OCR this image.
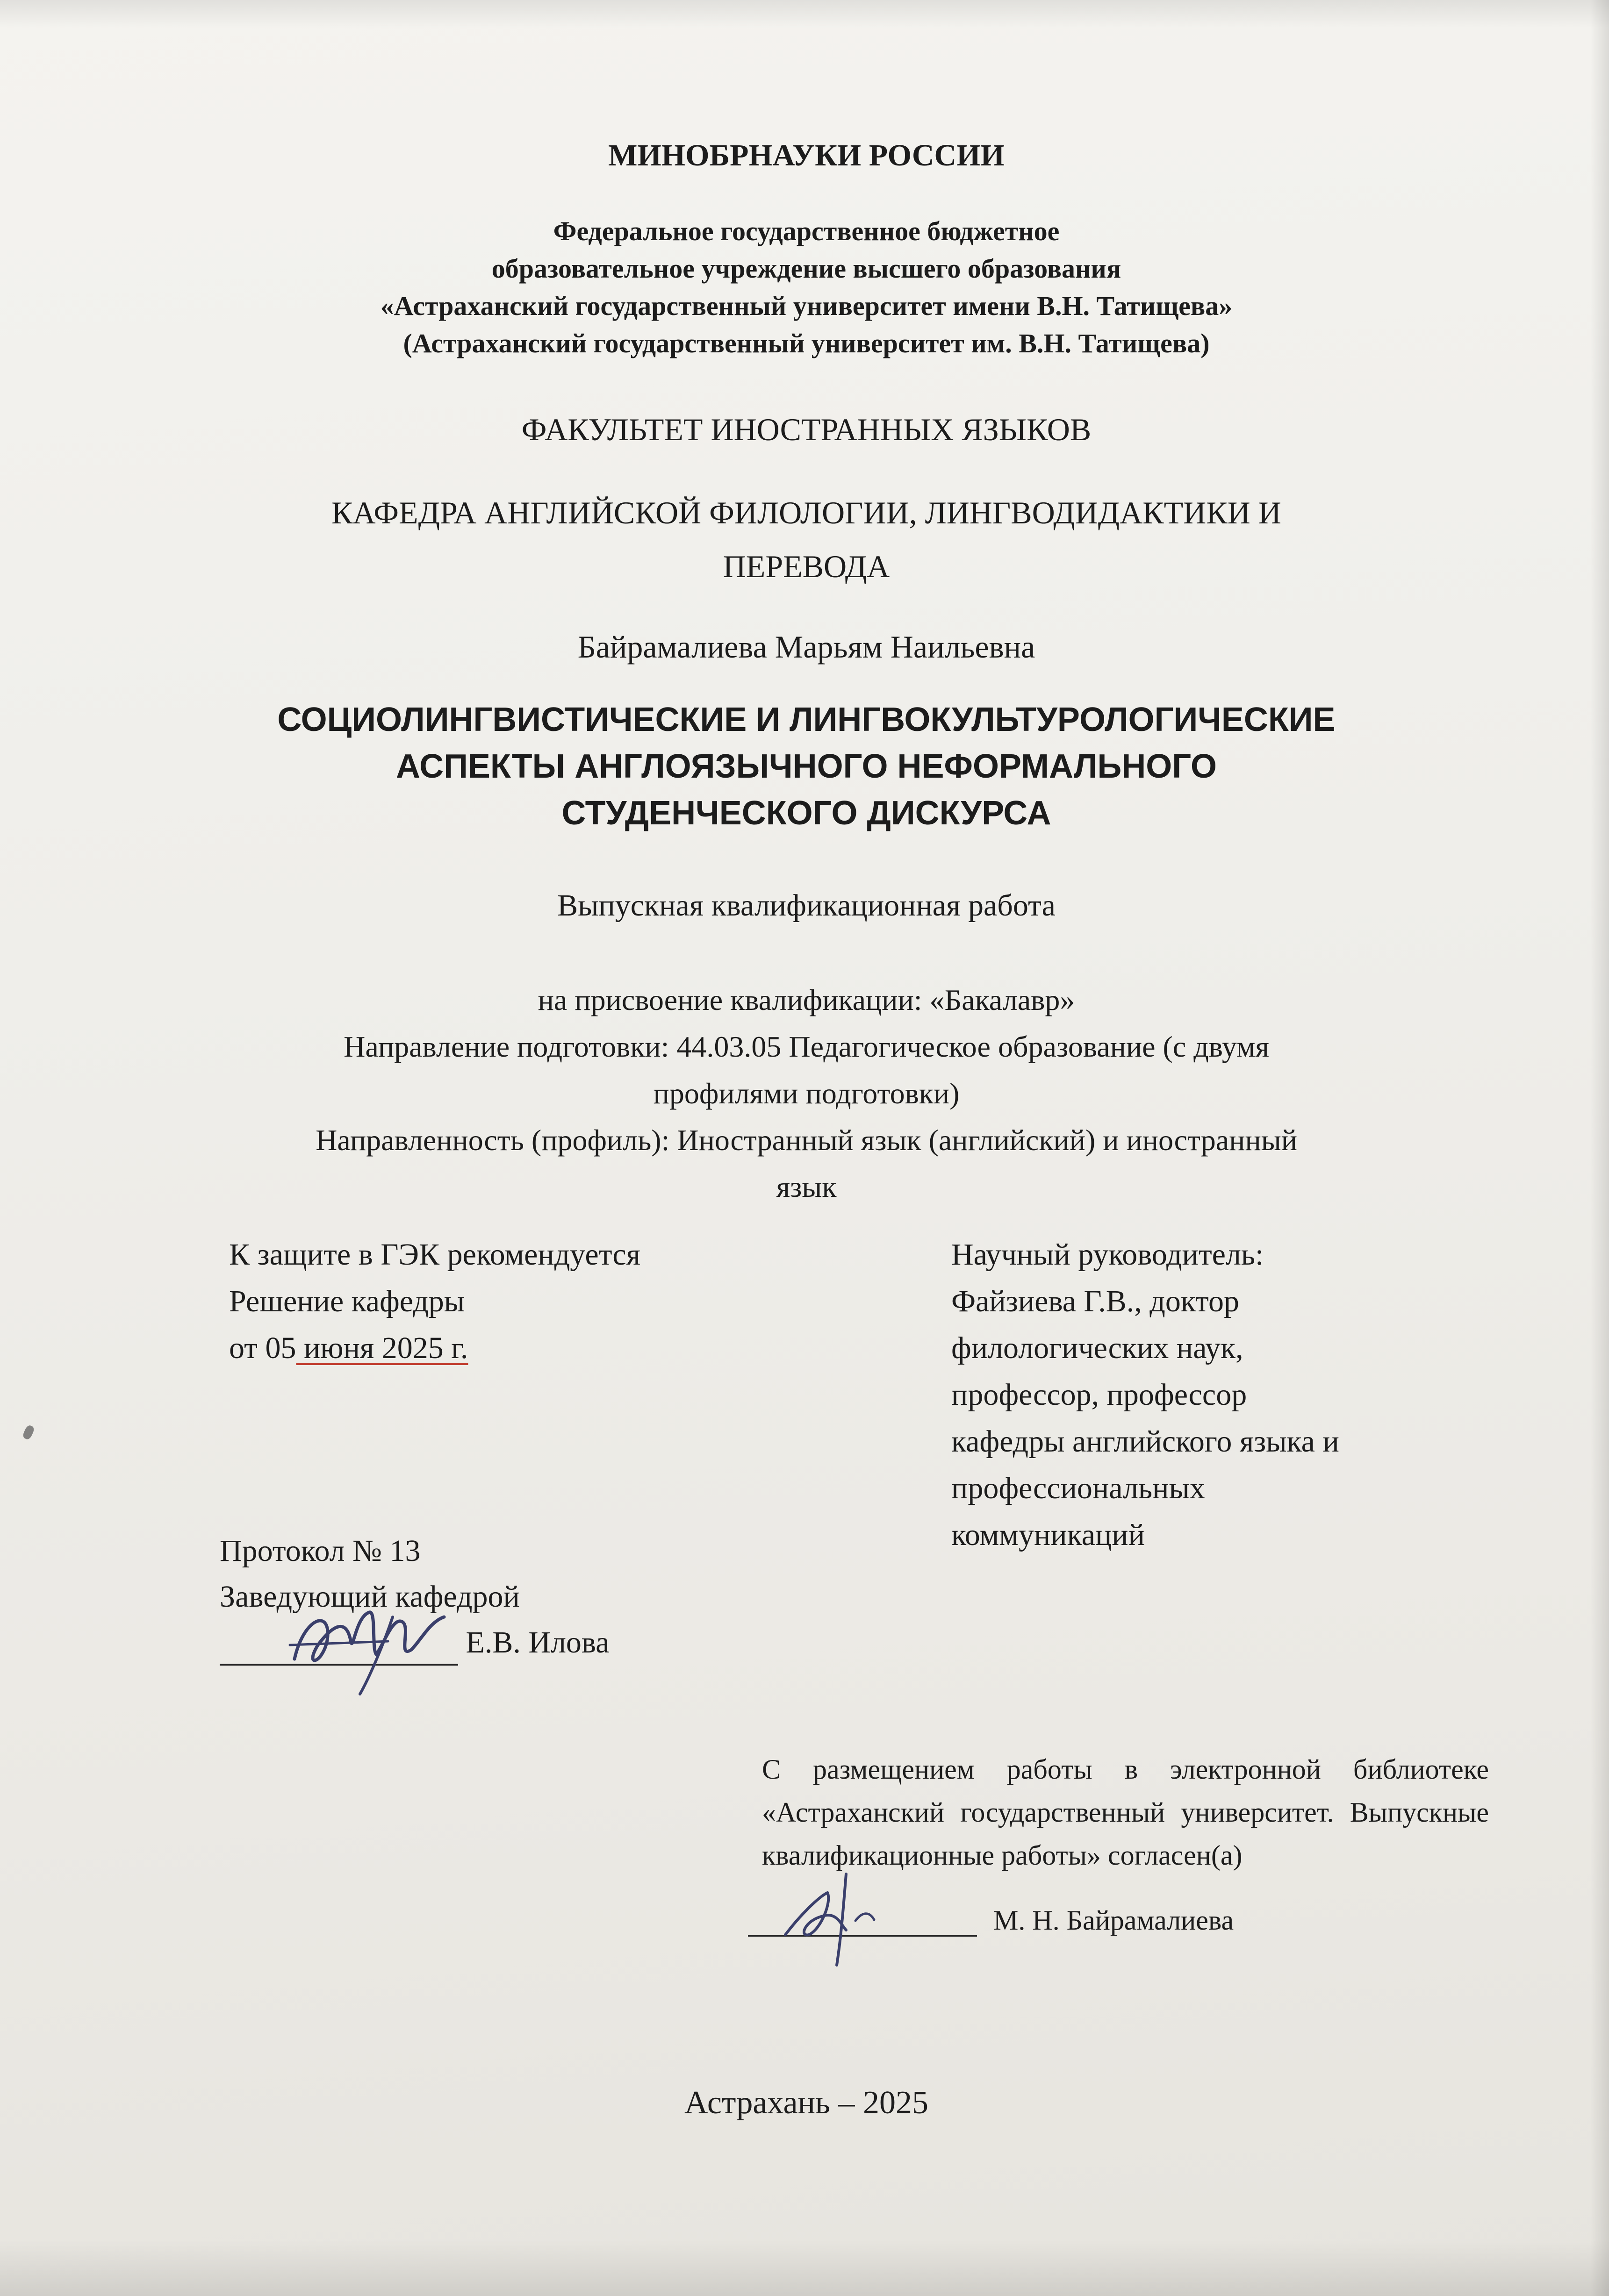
МИНОБРНАУКИ РОССИИ
Федеральное государственное бюджетное
образовательное учреждение высшего образования
«Астраханский государственный университет имени В.Н. Татищева»
(Астраханский государственный университет им. В.Н. Татищева)
ФАКУЛЬТЕТ ИНОСТРАННЫХ ЯЗЫКОВ
КАФЕДРА АНГЛИЙСКОЙ ФИЛОЛОГИИ, ЛИНГВОДИДАКТИКИ И
ПЕРЕВОДА
Байрамалиева Марьям Наильевна
СОЦИОЛИНГВИСТИЧЕСКИЕ И ЛИНГВОКУЛЬТУРОЛОГИЧЕСКИЕ
АСПЕКТЫ АНГЛОЯЗЫЧНОГО НЕФОРМАЛЬНОГО
СТУДЕНЧЕСКОГО ДИСКУРСА
Выпускная квалификационная работа
на присвоение квалификации: «Бакалавр»
Направление подготовки: 44.03.05 Педагогическое образование (с двумя
профилями подготовки)
Направленность (профиль): Иностранный язык (английский) и иностранный
язык
К защите в ГЭК рекомендуется
Решение кафедры
от 05 июня 2025 г.
Научный руководитель:
Файзиева Г.В., доктор
филологических наук,
профессор, профессор
кафедры английского языка и
профессиональных
коммуникаций
Протокол № 13
Заведующий кафедрой
Е.В. Илова
С размещением работы в электронной библиотеке «Астраханский государственный университет. Выпускные квалификационные работы» согласен(а)
М. Н. Байрамалиева
Астрахань – 2025
